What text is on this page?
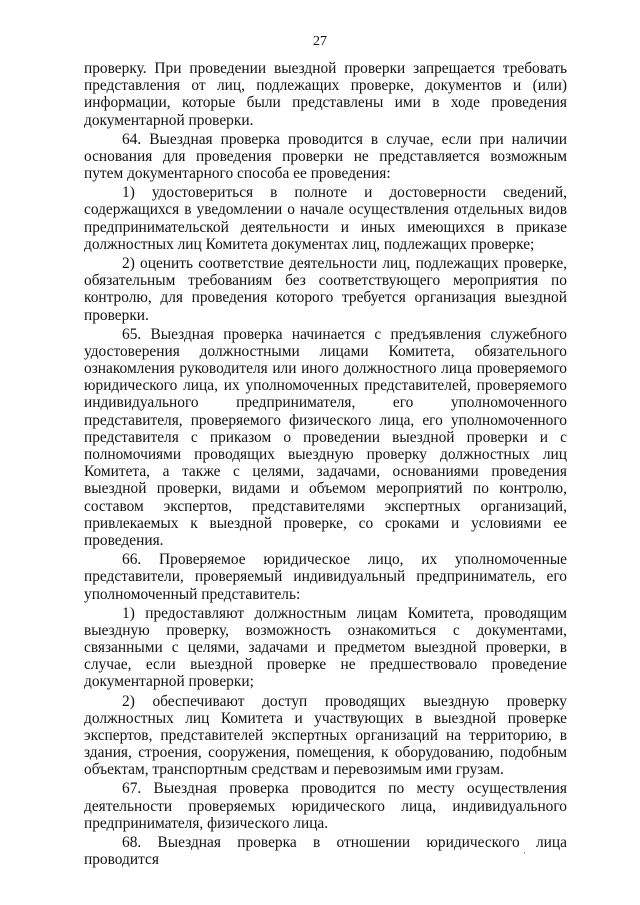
27

проверку. При проведении выездной проверки запрещается требовать представления от лиц, подлежащих проверке, документов и (или) информации, которые были представлены ими в ходе проведения документарной проверки.

64. Выездная проверка проводится в случае, если при наличии основания для проведения проверки не представляется возможным путем документарного способа ее проведения:

1) удостовериться в полноте и достоверности сведений, содержащихся в уведомлении о начале осуществления отдельных видов предпринимательской деятельности и иных имеющихся в приказе должностных лиц Комитета документах лиц, подлежащих проверке;

2) оценить соответствие деятельности лиц, подлежащих проверке, обязательным требованиям без соответствующего мероприятия по контролю, для проведения которого требуется организация выездной проверки.

65. Выездная проверка начинается с предъявления служебного удостоверения должностными лицами Комитета, обязательного ознакомления руководителя или иного должностного лица проверяемого юридического лица, их уполномоченных представителей, проверяемого индивидуального предпринимателя, его уполномоченного представителя, проверяемого физического лица, его уполномоченного представителя с приказом о проведении выездной проверки и с полномочиями проводящих выездную проверку должностных лиц Комитета, а также с целями, задачами, основаниями проведения выездной проверки, видами и объемом мероприятий по контролю, составом экспертов, представителями экспертных организаций, привлекаемых к выездной проверке, со сроками и условиями ее проведения.

66. Проверяемое юридическое лицо, их уполномоченные представители, проверяемый индивидуальный предприниматель, его уполномоченный представитель:

1) предоставляют должностным лицам Комитета, проводящим выездную проверку, возможность ознакомиться с документами, связанными с целями, задачами и предметом выездной проверки, в случае, если выездной проверке не предшествовало проведение документарной проверки;

2) обеспечивают доступ проводящих выездную проверку должностных лиц Комитета и участвующих в выездной проверке экспертов, представителей экспертных организаций на территорию, в здания, строения, сооружения, помещения, к оборудованию, подобным объектам, транспортным средствам и перевозимым ими грузам.

67. Выездная проверка проводится по месту осуществления деятельности проверяемых юридического лица, индивидуального предпринимателя, физического лица.

68. Выездная проверка в отношении юридического лица проводится
